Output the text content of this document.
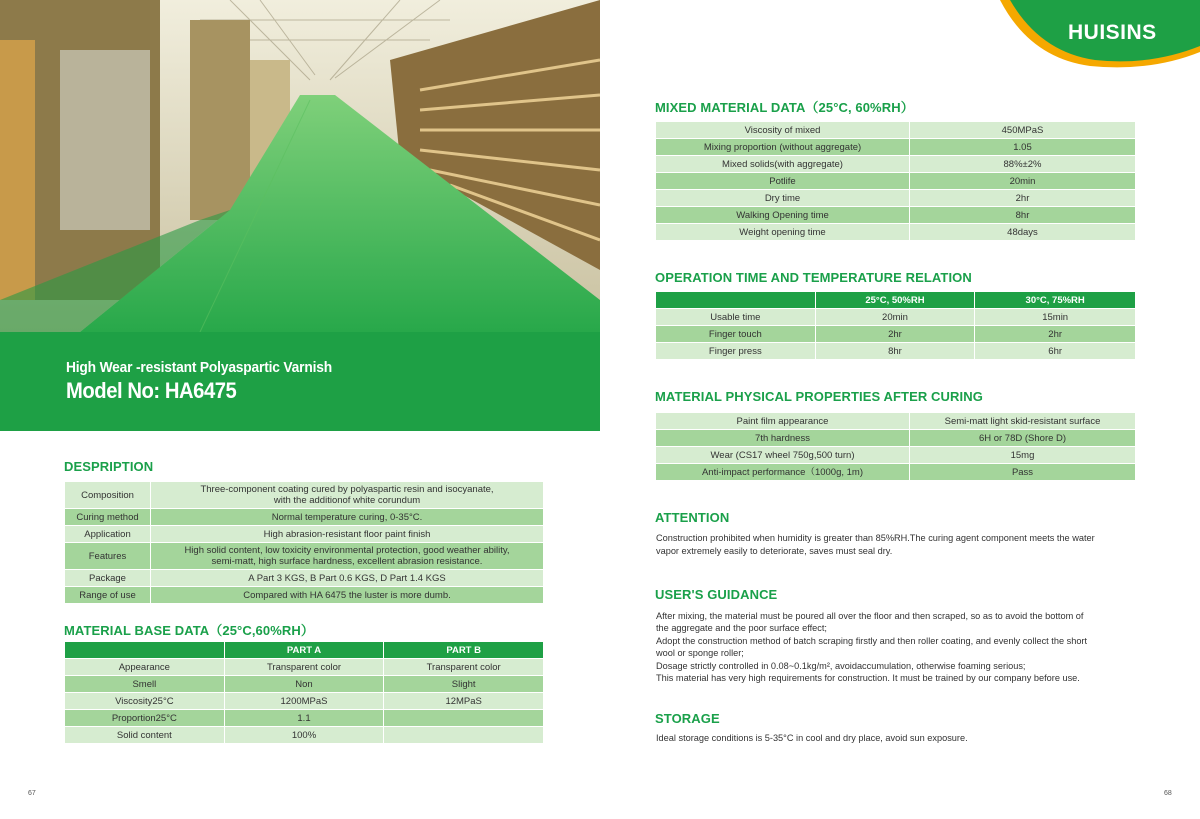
High Wear -resistant Polyaspartic Varnish
Model No: HA6475
HUISINS
DESPRIPTION
Composition	Three-component coating cured by polyaspartic resin and isocyanate,
with the additionof white corundum

Curing method	Normal temperature curing, 0-35°C.

Application	High abrasion-resistant floor paint finish

Features	High solid content, low toxicity environmental protection, good weather ability,
semi-matt, high surface hardness, excellent abrasion resistance.

Package	A Part 3 KGS, B Part 0.6 KGS, D Part 1.4 KGS

Range of use	Compared with HA 6475 the luster is more dumb.
MATERIAL BASE DATA（25°C,60%RH）
	PART A	PART B
Appearance	Transparent color	Transparent color
Smell	Non	Slight
Viscosity25°C	1200MPaS	12MPaS
Proportion25°C	1.1	
Solid content	100%	
MIXED MATERIAL DATA（25°C, 60%RH）
Viscosity of mixed	450MPaS
Mixing proportion (without aggregate)	1.05
Mixed solids(with aggregate)	88%±2%
Potlife	20min
Dry time	2hr
Walking Opening time	8hr
Weight opening time	48days
OPERATION TIME AND TEMPERATURE RELATION
	25°C, 50%RH	30°C, 75%RH
Usable time	20min	15min
Finger touch	2hr	2hr
Finger press	8hr	6hr
MATERIAL PHYSICAL PROPERTIES AFTER CURING
Paint film appearance	Semi-matt light skid-resistant surface
7th hardness	6H or 78D (Shore D)
Wear (CS17 wheel 750g,500 turn)	15mg
Anti-impact performance（1000g, 1m)	Pass
ATTENTION

Construction prohibited when humidity is greater than 85%RH.The curing agent component meets the water

vapor extremely easily to deteriorate, saves must seal dry.

USER'S GUIDANCE

After mixing, the material must be poured all over the floor and then scraped, so as to avoid the bottom of

the aggregate and the poor surface effect;

Adopt the construction method of batch scraping firstly and then roller coating, and evenly collect the short

wool or sponge roller;

Dosage strictly controlled in 0.08~0.1kg/m², avoidaccumulation, otherwise foaming serious;

This material has very high requirements for construction. It must be trained by our company before use.

STORAGE
Ideal storage conditions is 5-35°C in cool and dry place, avoid sun exposure.
67	68
